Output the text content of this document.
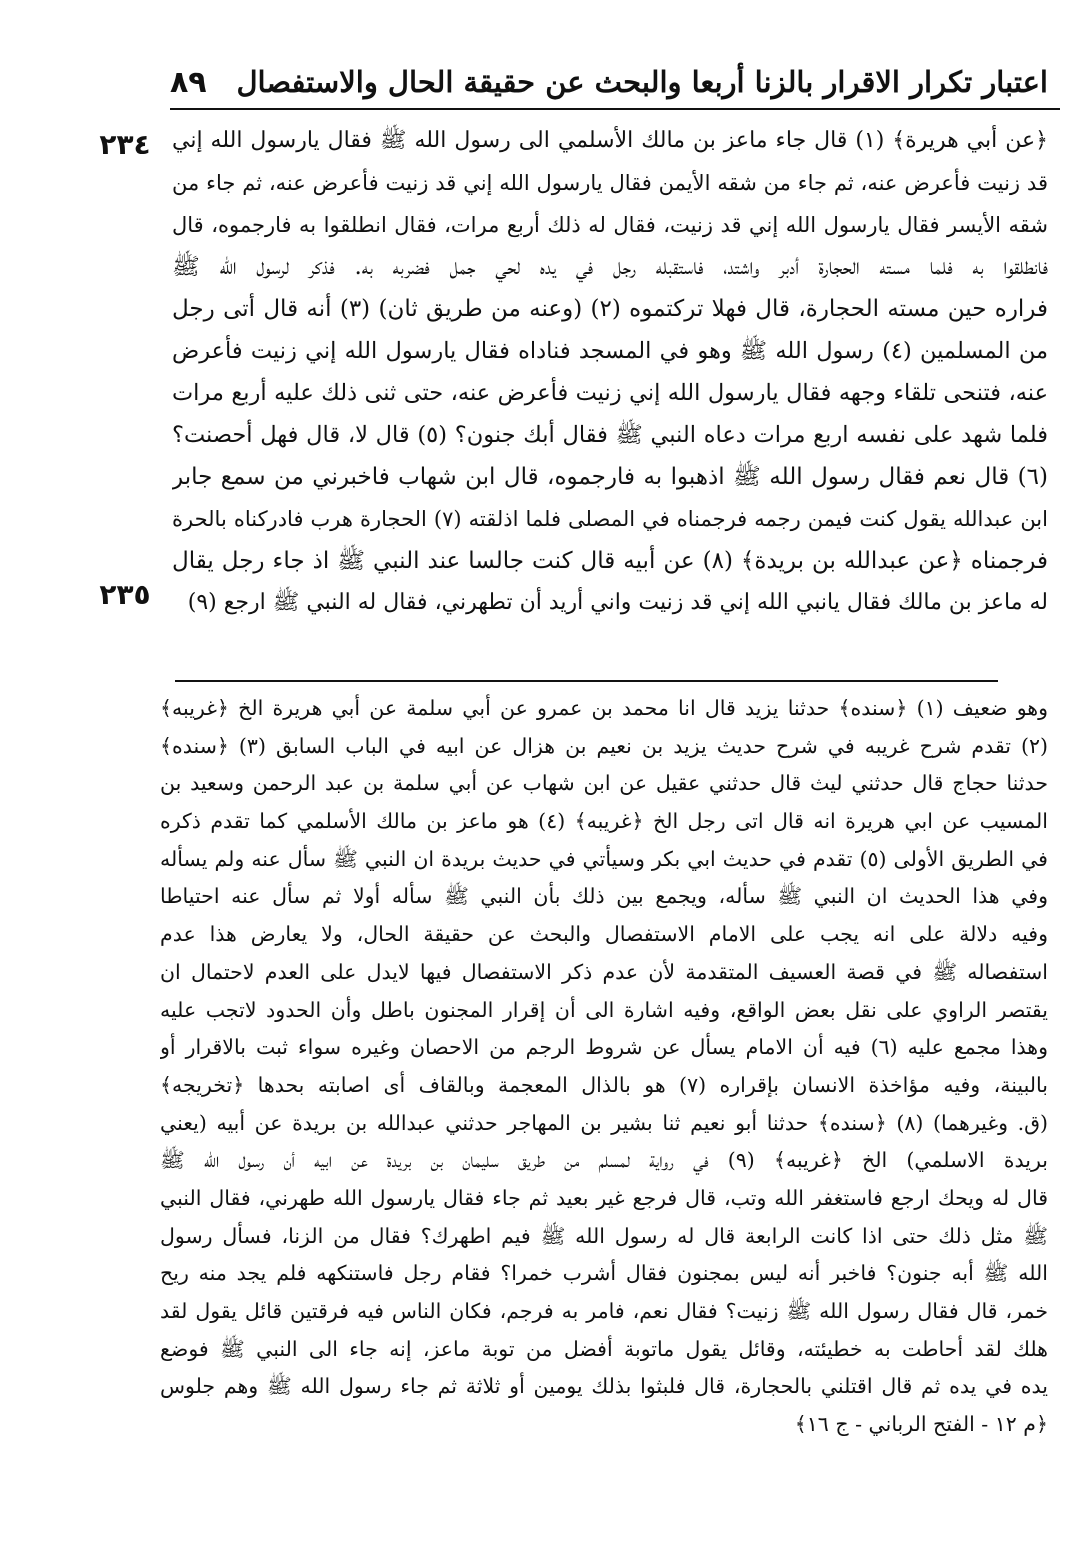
اعتبار تكرار الاقرار بالزنا أربعا والبحث عن حقيقة الحال والاستفصال
٨٩
٢٣٤
٢٣٥
﴿عن أبي هريرة﴾ (١) قال جاء ماعز بن مالك الأسلمي الى رسول الله ﷺ فقال يارسول الله إني
قد زنيت فأعرض عنه، ثم جاء من شقه الأيمن فقال يارسول الله إني قد زنيت فأعرض عنه، ثم جاء من
شقه الأيسر فقال يارسول الله إني قد زنيت، فقال له ذلك أربع مرات، فقال انطلقوا به فارجموه، قال
فانطلقوا به فلما مسته الحجارة أدبر واشتد، فاستقبله رجل في يده لحي جمل فضربه به. فذكر لرسول الله ﷺ
فراره حين مسته الحجارة، قال فهلا تركتموه (٢) (وعنه من طريق ثان) (٣) أنه قال أتى رجل
من المسلمين (٤) رسول الله ﷺ وهو في المسجد فناداه فقال يارسول الله إني زنيت فأعرض
عنه، فتنحى تلقاء وجهه فقال يارسول الله إني زنيت فأعرض عنه، حتى ثنى ذلك عليه أربع مرات
فلما شهد على نفسه اربع مرات دعاه النبي ﷺ فقال أبك جنون؟ (٥) قال لا، قال فهل أحصنت؟
(٦) قال نعم فقال رسول الله ﷺ اذهبوا به فارجموه، قال ابن شهاب فاخبرني من سمع جابر
ابن عبدالله يقول كنت فيمن رجمه فرجمناه في المصلى فلما اذلقته (٧) الحجارة هرب فادركناه بالحرة
فرجمناه ﴿عن عبدالله بن بريدة﴾ (٨) عن أبيه قال كنت جالسا عند النبي ﷺ اذ جاء رجل يقال
له ماعز بن مالك فقال يانبي الله إني قد زنيت واني أريد أن تطهرني، فقال له النبي ﷺ ارجع (٩)
وهو ضعيف (١) ﴿سنده﴾ حدثنا يزيد قال انا محمد بن عمرو عن أبي سلمة عن أبي هريرة الخ ﴿غريبه﴾
(٢) تقدم شرح غريبه في شرح حديث يزيد بن نعيم بن هزال عن ابيه في الباب السابق (٣) ﴿سنده﴾
حدثنا حجاج قال حدثني ليث قال حدثني عقيل عن ابن شهاب عن أبي سلمة بن عبد الرحمن وسعيد بن
المسيب عن ابي هريرة انه قال اتى رجل الخ ﴿غريبه﴾ (٤) هو ماعز بن مالك الأسلمي كما تقدم ذكره
في الطريق الأولى (٥) تقدم في حديث ابي بكر وسيأتي في حديث بريدة ان النبي ﷺ سأل عنه ولم يسأله
وفي هذا الحديث ان النبي ﷺ سأله، ويجمع بين ذلك بأن النبي ﷺ سأله أولا ثم سأل عنه احتياطا
وفيه دلالة على انه يجب على الامام الاستفصال والبحث عن حقيقة الحال، ولا يعارض هذا عدم
استفصاله ﷺ في قصة العسيف المتقدمة لأن عدم ذكر الاستفصال فيها لايدل على العدم لاحتمال ان
يقتصر الراوي على نقل بعض الواقع، وفيه اشارة الى أن إقرار المجنون باطل وأن الحدود لاتجب عليه
وهذا مجمع عليه (٦) فيه أن الامام يسأل عن شروط الرجم من الاحصان وغيره سواء ثبت بالاقرار أو
بالبينة، وفيه مؤاخذة الانسان بإقراره (٧) هو بالذال المعجمة وبالقاف أى اصابته بحدها ﴿تخريجه﴾
(ق. وغيرهما) (٨) ﴿سنده﴾ حدثنا أبو نعيم ثنا بشير بن المهاجر حدثني عبدالله بن بريدة عن أبيه (يعني
بريدة الاسلمي) الخ ﴿غريبه﴾ (٩) في رواية لمسلم من طريق سليمان بن بريدة عن ابيه أن رسول الله ﷺ
قال له ويحك ارجع فاستغفر الله وتب، قال فرجع غير بعيد ثم جاء فقال يارسول الله طهرني، فقال النبي
ﷺ مثل ذلك حتى اذا كانت الرابعة قال له رسول الله ﷺ فيم اطهرك؟ فقال من الزنا، فسأل رسول
الله ﷺ أبه جنون؟ فاخبر أنه ليس بمجنون فقال أشرب خمرا؟ فقام رجل فاستنكهه فلم يجد منه ريح
خمر، قال فقال رسول الله ﷺ زنيت؟ فقال نعم، فامر به فرجم، فكان الناس فيه فرقتين قائل يقول لقد
هلك لقد أحاطت به خطيئته، وقائل يقول ماتوبة أفضل من توبة ماعز، إنه جاء الى النبي ﷺ فوضع
يده في يده ثم قال اقتلني بالحجارة، قال فلبثوا بذلك يومين أو ثلاثة ثم جاء رسول الله ﷺ وهم جلوس
﴿م ١٢ - الفتح الرباني - ج ١٦﴾
